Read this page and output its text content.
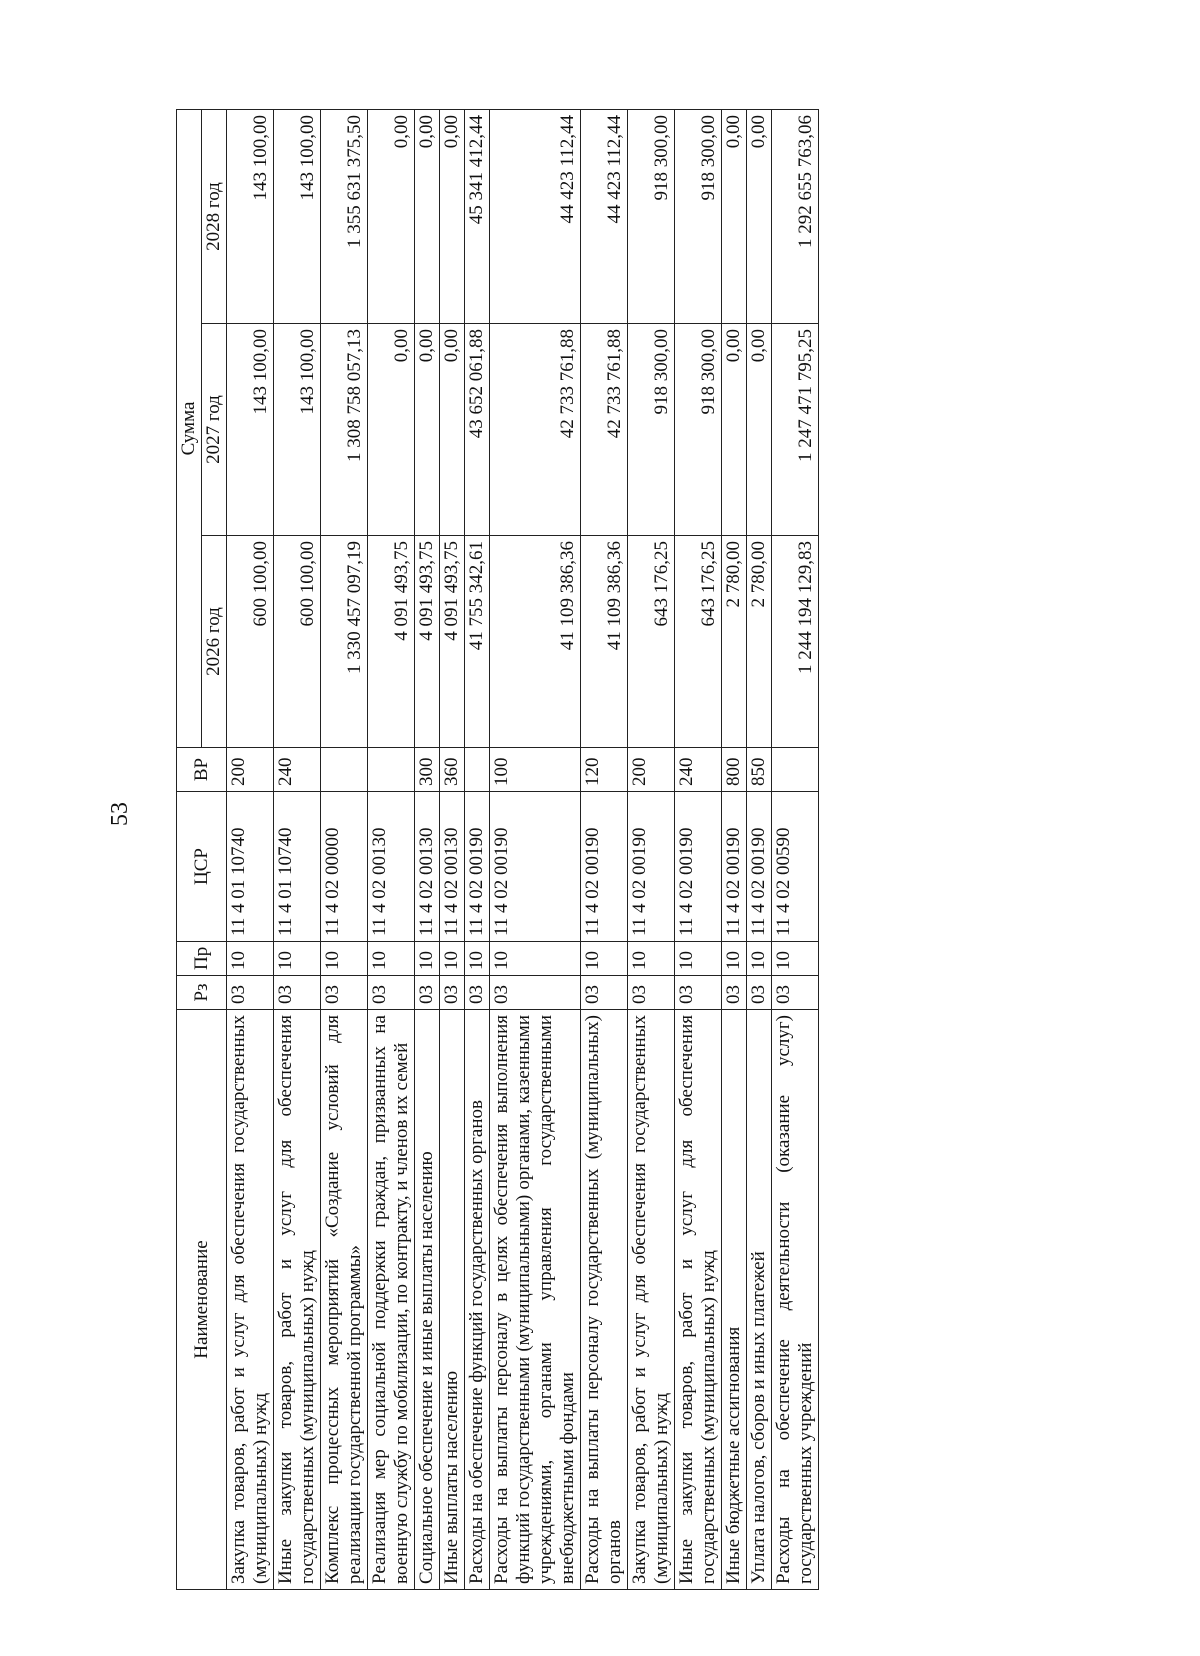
53
Наименование	Рз	Пр	ЦСР	ВР	Сумма		
					2026 год	2027 год	2028 год
Закупка товаров, работ и услуг для обеспечения государственных (муниципальных) нужд	03	10	11 4 01 10740	200	600 100,00	143 100,00	143 100,00
Иные закупки товаров, работ и услуг для обеспечения государственных (муниципальных) нужд	03	10	11 4 01 10740	240	600 100,00	143 100,00	143 100,00
Комплекс процессных мероприятий «Создание условий для реализации государственной программы»	03	10	11 4 02 00000		1 330 457 097,19	1 308 758 057,13	1 355 631 375,50
Реализация мер социальной поддержки граждан, призванных на военную службу по мобилизации, по контракту, и членов их семей	03	10	11 4 02 00130		4 091 493,75	0,00	0,00
Социальное обеспечение и иные выплаты населению	03	10	11 4 02 00130	300	4 091 493,75	0,00	0,00
Иные выплаты населению	03	10	11 4 02 00130	360	4 091 493,75	0,00	0,00
Расходы на обеспечение функций государственных органов	03	10	11 4 02 00190		41 755 342,61	43 652 061,88	45 341 412,44
Расходы на выплаты персоналу в целях обеспечения выполнения функций государственными (муниципальными) органами, казенными учреждениями, органами управления государственными внебюджетными фондами	03	10	11 4 02 00190	100	41 109 386,36	42 733 761,88	44 423 112,44
Расходы на выплаты персоналу государственных (муниципальных) органов	03	10	11 4 02 00190	120	41 109 386,36	42 733 761,88	44 423 112,44
Закупка товаров, работ и услуг для обеспечения государственных (муниципальных) нужд	03	10	11 4 02 00190	200	643 176,25	918 300,00	918 300,00
Иные закупки товаров, работ и услуг для обеспечения государственных (муниципальных) нужд	03	10	11 4 02 00190	240	643 176,25	918 300,00	918 300,00
Иные бюджетные ассигнования	03	10	11 4 02 00190	800	2 780,00	0,00	0,00
Уплата налогов, сборов и иных платежей	03	10	11 4 02 00190	850	2 780,00	0,00	0,00
Расходы на обеспечение деятельности (оказание услуг) государственных учреждений	03	10	11 4 02 00590		1 244 194 129,83	1 247 471 795,25	1 292 655 763,06
